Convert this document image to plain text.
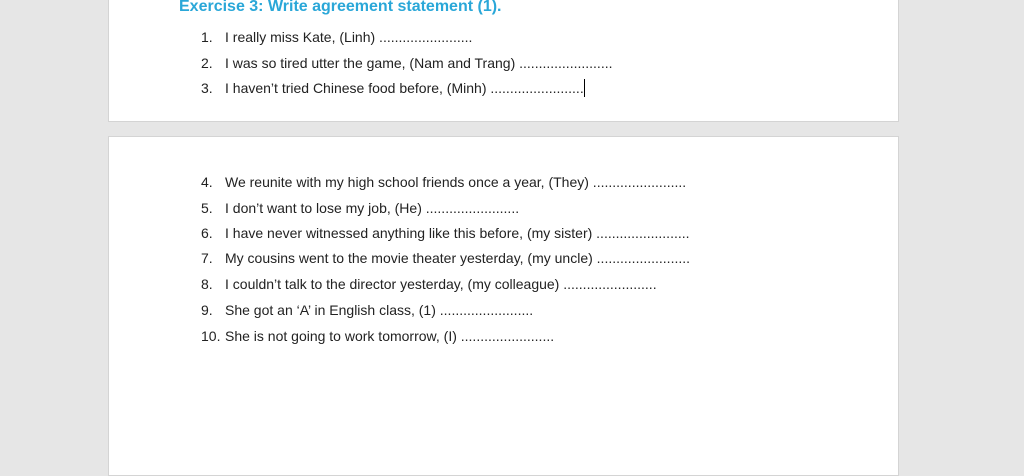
Exercise 3: Write agreement statement (1).
1. I really miss Kate, (Linh) ........................
2. I was so tired utter the game, (Nam and Trang) ........................
3. I haven’t tried Chinese food before, (Minh) ........................
4. We reunite with my high school friends once a year, (They) ........................
5. I don’t want to lose my job, (He) ........................
6. I have never witnessed anything like this before, (my sister) ........................
7. My cousins went to the movie theater yesterday, (my uncle) ........................
8. I couldn’t talk to the director yesterday, (my colleague) ........................
9. She got an ‘A’ in English class, (1) ........................
10. She is not going to work tomorrow, (I) ........................
